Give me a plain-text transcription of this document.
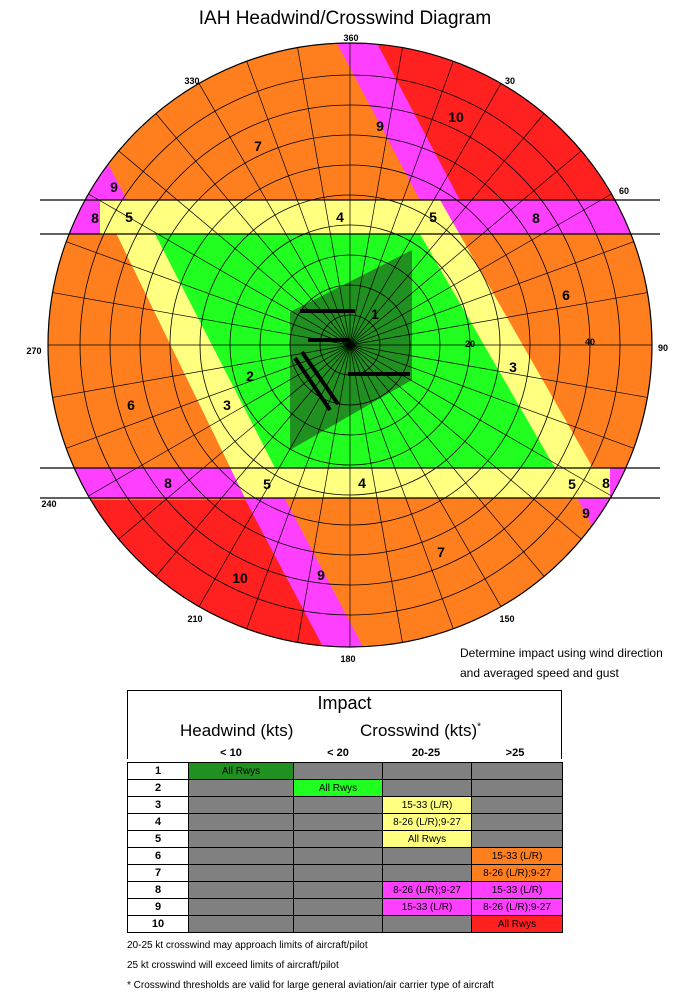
IAH Headwind/Crosswind Diagram
360
30
60
90
150
180
210
240
270
330
20	40
4
4
5	5
5	5
3
3
2
1
7
7
6
6
10
10
9
9
9
9
8
8
8
8
Determine impact using wind direction
and averaged speed and gust
Impact
Headwind (kts)	Crosswind (kts)*
< 10	< 20	20-25	>25
1	All Rwys			
2		All Rwys		
3			15-33 (L/R)	
4			8-26 (L/R);9-27	
5			All Rwys	
6				15-33 (L/R)
7				8-26 (L/R);9-27
8			8-26 (L/R);9-27	15-33 (L/R)
9			15-33 (L/R)	8-26 (L/R);9-27
10				All Rwys
20-25 kt crosswind may approach limits of aircraft/pilot
25 kt crosswind will exceed limits of aircraft/pilot
* Crosswind thresholds are valid for large general aviation/air carrier type of aircraft
